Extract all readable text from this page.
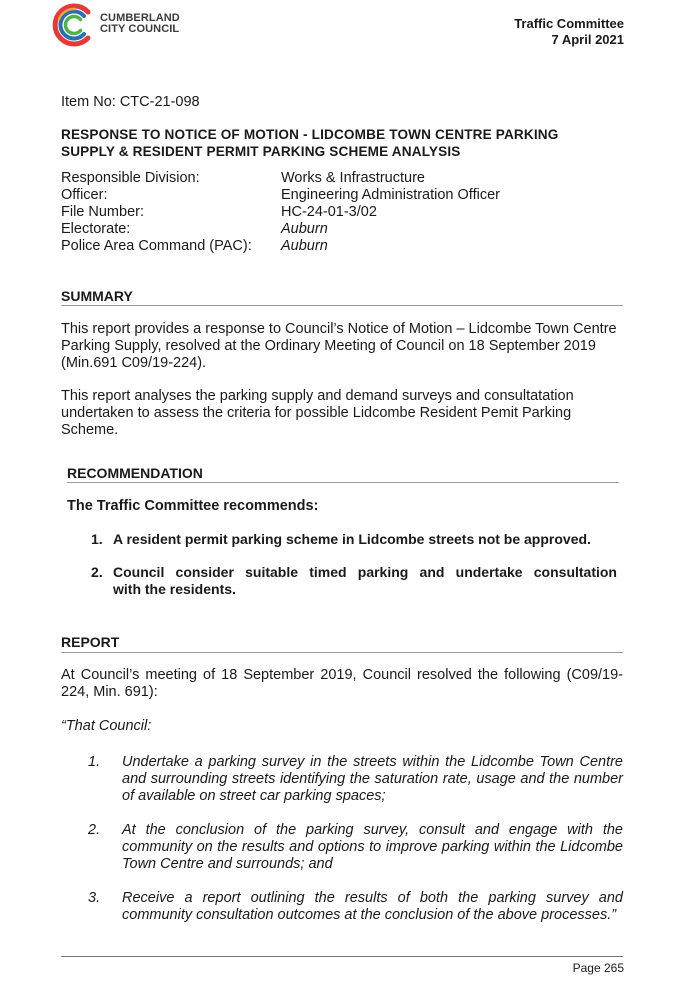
CUMBERLAND
CITY COUNCIL	Traffic Committee
7 April 2021
Item No: CTC-21-098
RESPONSE TO NOTICE OF MOTION - LIDCOMBE TOWN CENTRE PARKING
SUPPLY & RESIDENT PERMIT PARKING SCHEME ANALYSIS
Responsible Division:	Works & Infrastructure
Officer:	Engineering Administration Officer
File Number:	HC-24-01-3/02
Electorate:	Auburn
Police Area Command (PAC): Auburn
SUMMARY
This report provides a response to Council’s Notice of Motion – Lidcombe Town Centre
Parking Supply, resolved at the Ordinary Meeting of Council on 18 September 2019
(Min.691 C09/19-224).
This report analyses the parking supply and demand surveys and consultatation
undertaken to assess the criteria for possible Lidcombe Resident Pemit Parking
Scheme.
RECOMMENDATION
The Traffic Committee recommends:
1. A resident permit parking scheme in Lidcombe streets not be approved.
2. Council consider suitable timed parking and undertake consultation
with the residents.
REPORT
At Council’s meeting of 18 September 2019, Council resolved the following (C09/19-
224, Min. 691):
“That Council:
1. Undertake a parking survey in the streets within the Lidcombe Town Centre
and surrounding streets identifying the saturation rate, usage and the number
of available on street car parking spaces;
2. At the conclusion of the parking survey, consult and engage with the
community on the results and options to improve parking within the Lidcombe
Town Centre and surrounds; and
3. Receive a report outlining the results of both the parking survey and
community consultation outcomes at the conclusion of the above processes.”
Page 265
